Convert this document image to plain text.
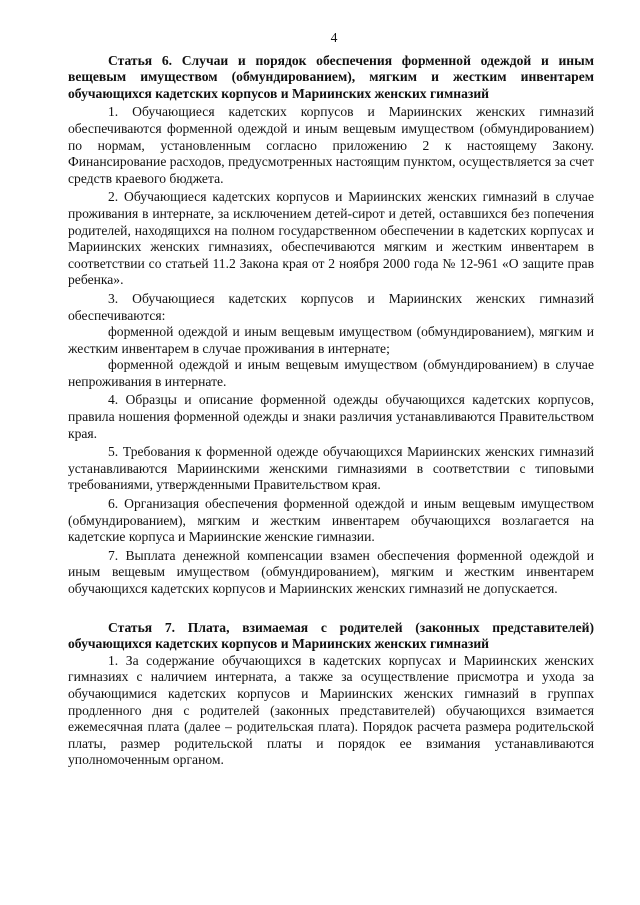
4

Статья 6. Случаи и порядок обеспечения форменной одеждой и иным вещевым имуществом (обмундированием), мягким и жестким инвентарем обучающихся кадетских корпусов и Мариинских женских гимназий

1. Обучающиеся кадетских корпусов и Мариинских женских гимназий обеспечиваются форменной одеждой и иным вещевым имуществом (обмундированием) по нормам, установленным согласно приложению 2 к настоящему Закону. Финансирование расходов, предусмотренных настоящим пунктом, осуществляется за счет средств краевого бюджета.

2. Обучающиеся кадетских корпусов и Мариинских женских гимназий в случае проживания в интернате, за исключением детей-сирот и детей, оставшихся без попечения родителей, находящихся на полном государственном обеспечении в кадетских корпусах и Мариинских женских гимназиях, обеспечиваются мягким и жестким инвентарем в соответствии со статьей 11.2 Закона края от 2 ноября 2000 года № 12-961 «О защите прав ребенка».

3. Обучающиеся кадетских корпусов и Мариинских женских гимназий обеспечиваются:

форменной одеждой и иным вещевым имуществом (обмундированием), мягким и жестким инвентарем в случае проживания в интернате;

форменной одеждой и иным вещевым имуществом (обмундированием) в случае непроживания в интернате.

4. Образцы и описание форменной одежды обучающихся кадетских корпусов, правила ношения форменной одежды и знаки различия устанавливаются Правительством края.

5. Требования к форменной одежде обучающихся Мариинских женских гимназий устанавливаются Мариинскими женскими гимназиями в соответствии с типовыми требованиями, утвержденными Правительством края.

6. Организация обеспечения форменной одеждой и иным вещевым имуществом (обмундированием), мягким и жестким инвентарем обучающихся возлагается на кадетские корпуса и Мариинские женские гимназии.

7. Выплата денежной компенсации взамен обеспечения форменной одеждой и иным вещевым имуществом (обмундированием), мягким и жестким инвентарем обучающихся кадетских корпусов и Мариинских женских гимназий не допускается.

Статья 7. Плата, взимаемая с родителей (законных представителей) обучающихся кадетских корпусов и Мариинских женских гимназий

1. За содержание обучающихся в кадетских корпусах и Мариинских женских гимназиях с наличием интерната, а также за осуществление присмотра и ухода за обучающимися кадетских корпусов и Мариинских женских гимназий в группах продленного дня с родителей (законных представителей) обучающихся взимается ежемесячная плата (далее – родительская плата). Порядок расчета размера родительской платы, размер родительской платы и порядок ее взимания устанавливаются уполномоченным органом.
